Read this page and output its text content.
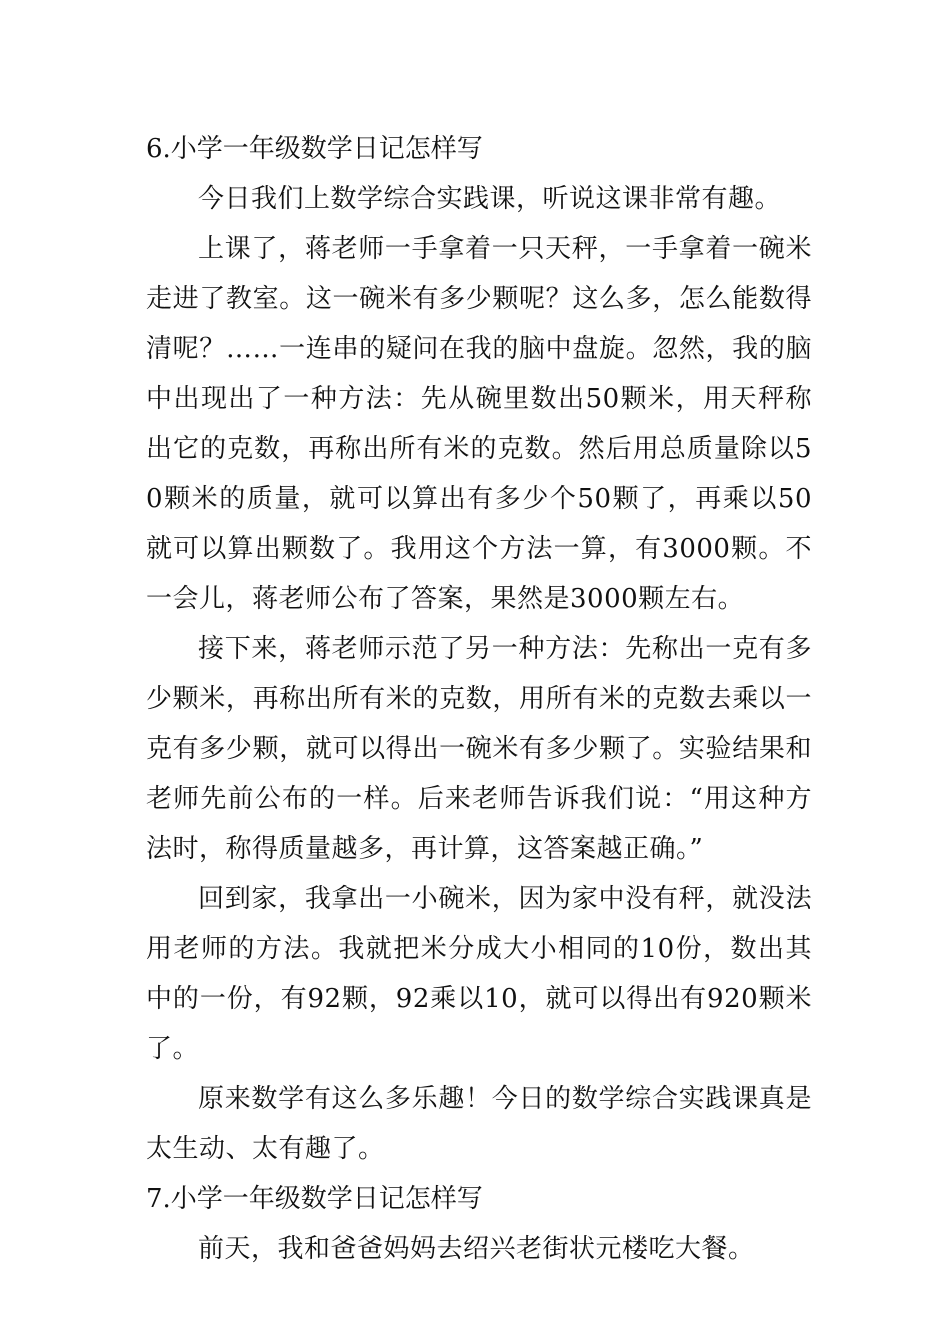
6.小学一年级数学日记怎样写

今日我们上数学综合实践课，听说这课非常有趣。

上课了，蒋老师一手拿着一只天秤，一手拿着一碗米走进了教室。这一碗米有多少颗呢？这么多，怎么能数得清呢？……一连串的疑问在我的脑中盘旋。忽然，我的脑中出现出了一种方法：先从碗里数出50颗米，用天秤称出它的克数，再称出所有米的克数。然后用总质量除以50颗米的质量，就可以算出有多少个50颗了，再乘以50就可以算出颗数了。我用这个方法一算，有3000颗。不一会儿，蒋老师公布了答案，果然是3000颗左右。

接下来，蒋老师示范了另一种方法：先称出一克有多少颗米，再称出所有米的克数，用所有米的克数去乘以一克有多少颗，就可以得出一碗米有多少颗了。实验结果和老师先前公布的一样。后来老师告诉我们说：“用这种方法时，称得质量越多，再计算，这答案越正确。”

回到家，我拿出一小碗米，因为家中没有秤，就没法用老师的方法。我就把米分成大小相同的10份，数出其中的一份，有92颗，92乘以10，就可以得出有920颗米了。

原来数学有这么多乐趣！今日的数学综合实践课真是太生动、太有趣了。

7.小学一年级数学日记怎样写

前天，我和爸爸妈妈去绍兴老街状元楼吃大餐。
